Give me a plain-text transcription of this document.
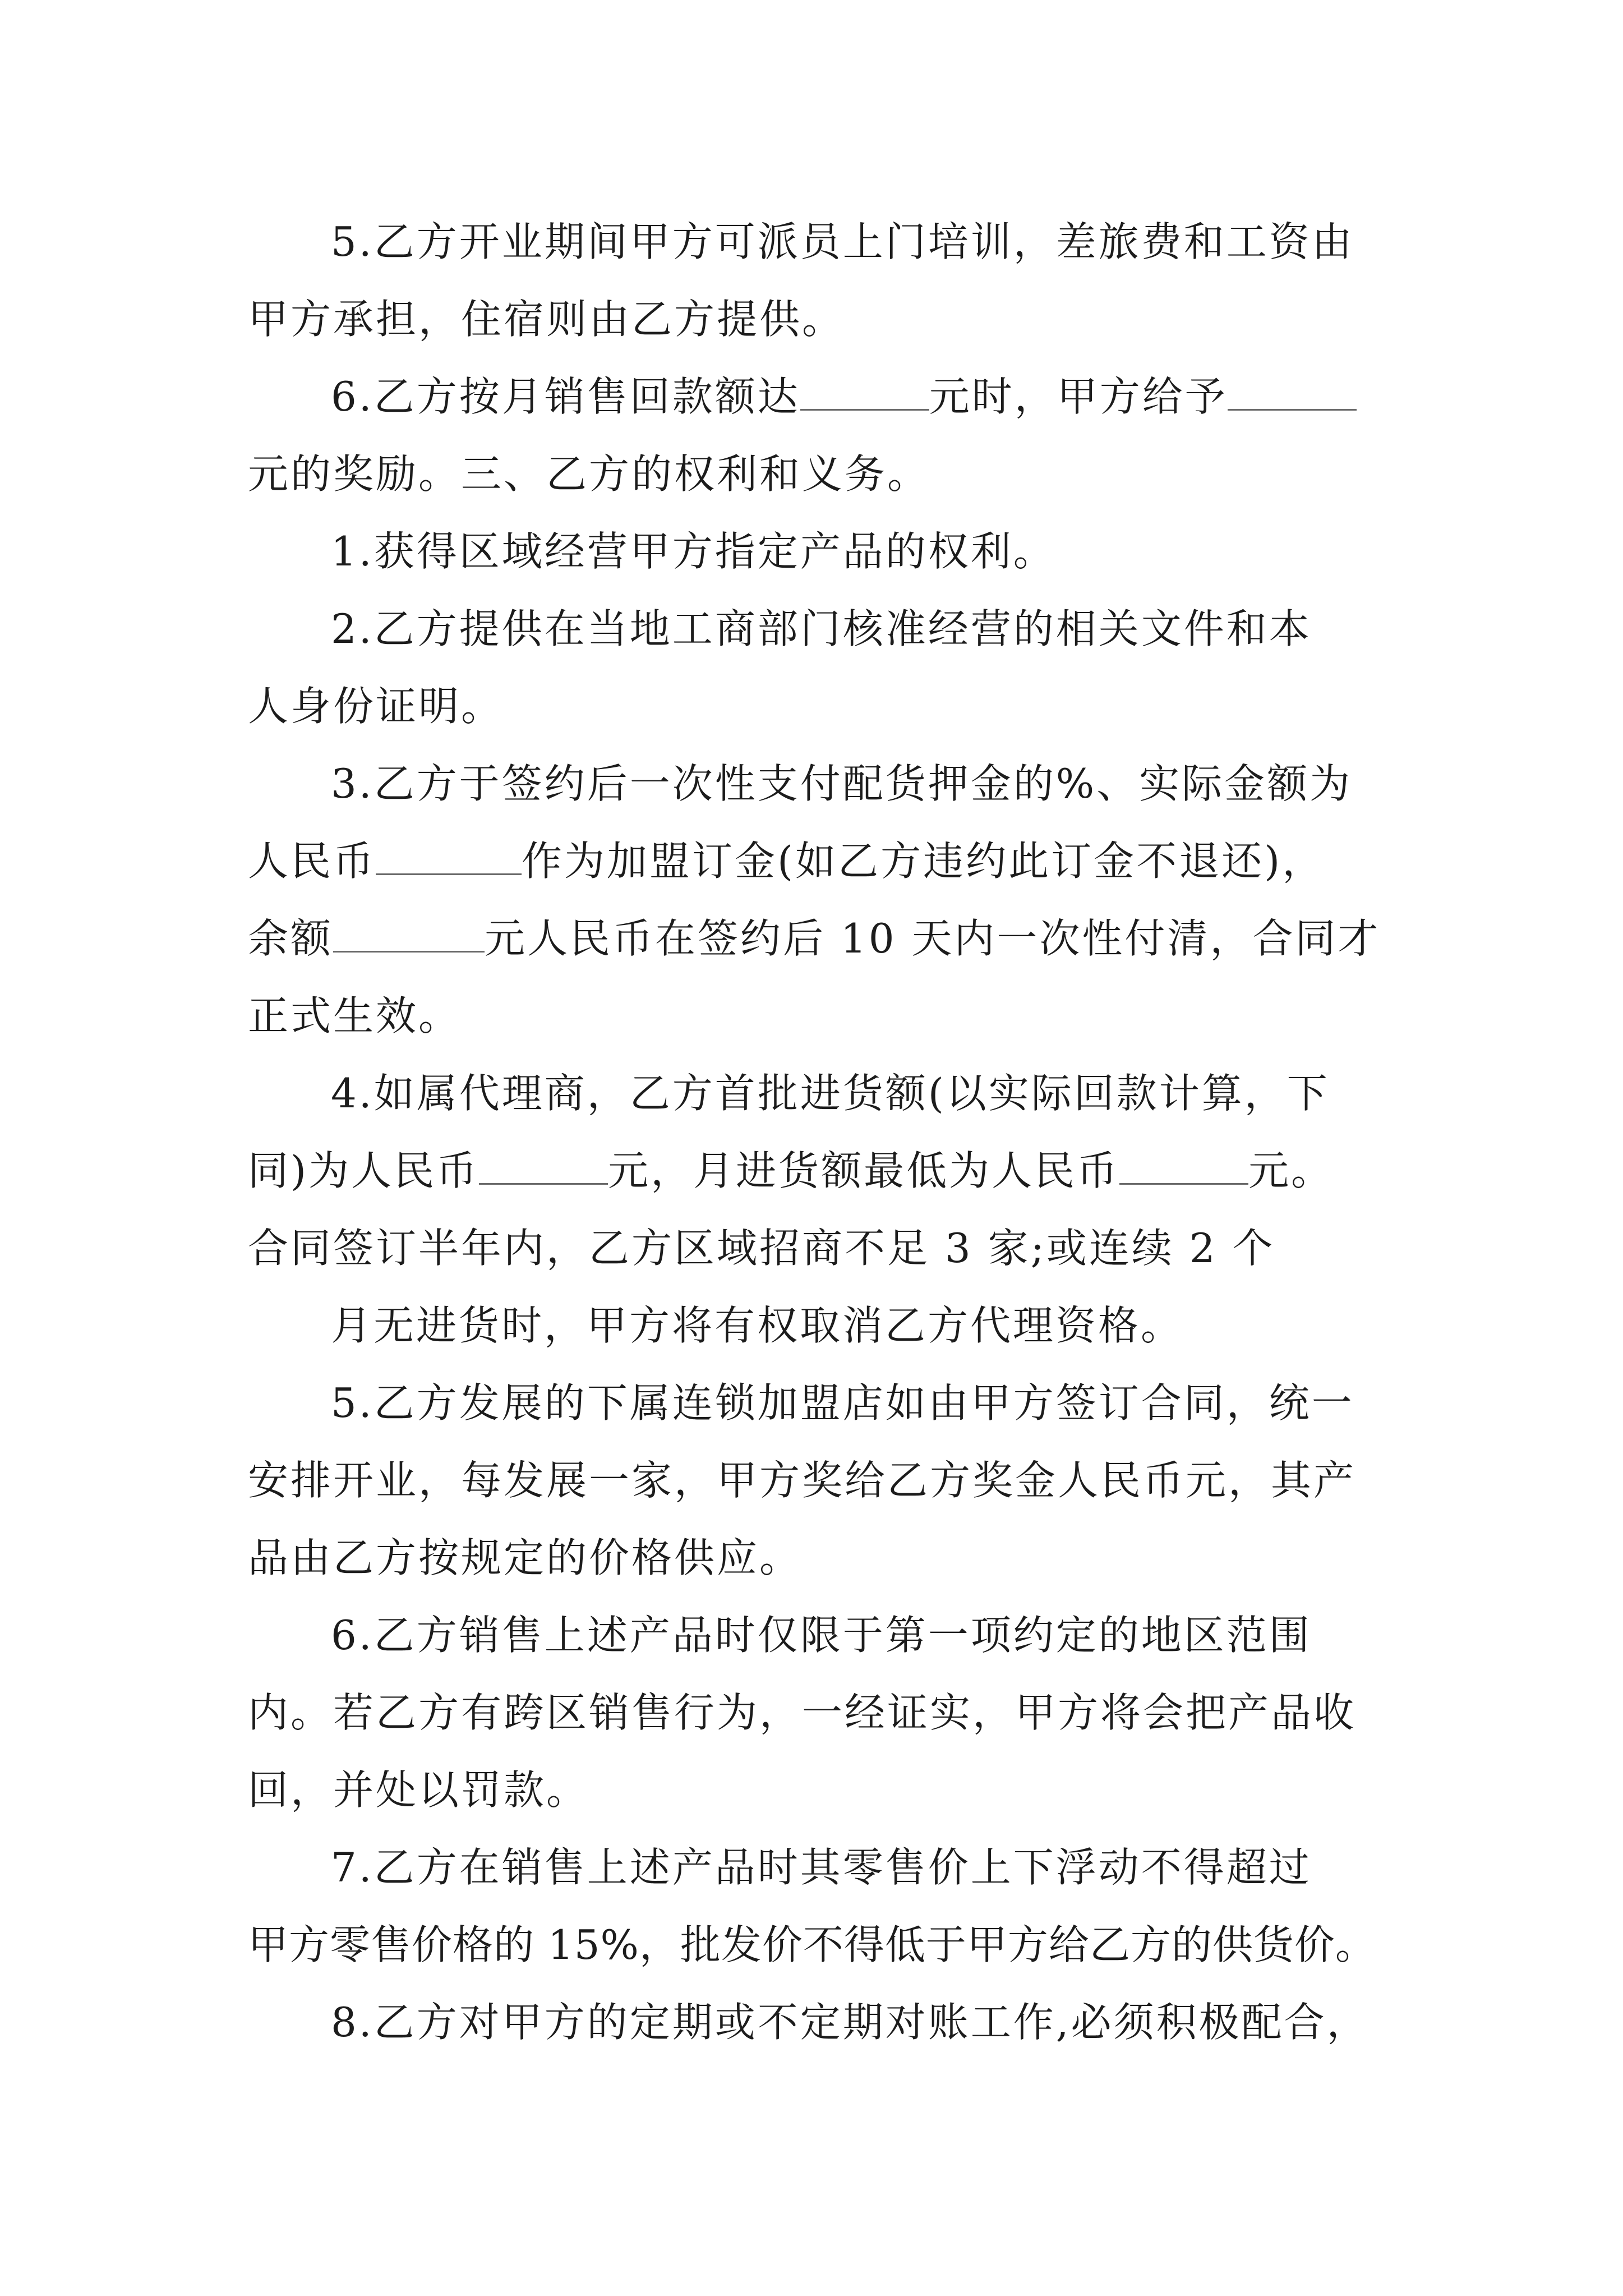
5.乙方开业期间甲方可派员上门培训，差旅费和工资由
甲方承担，住宿则由乙方提供。
6.乙方按月销售回款额达	元时，甲方给予
元的奖励。三、乙方的权利和义务。
1.获得区域经营甲方指定产品的权利。
2.乙方提供在当地工商部门核准经营的相关文件和本
人身份证明。
3.乙方于签约后一次性支付配货押金的%、实际金额为
人民币	作为加盟订金(如乙方违约此订金不退还)，
余额	元人民币在签约后 10 天内一次性付清，合同才
正式生效。
4.如属代理商，乙方首批进货额(以实际回款计算，下
同)为人民币	元，月进货额最低为人民币	元。
合同签订半年内，乙方区域招商不足 3 家;或连续 2 个
月无进货时，甲方将有权取消乙方代理资格。
5.乙方发展的下属连锁加盟店如由甲方签订合同，统一
安排开业，每发展一家，甲方奖给乙方奖金人民币元，其产
品由乙方按规定的价格供应。
6.乙方销售上述产品时仅限于第一项约定的地区范围
内。若乙方有跨区销售行为，一经证实，甲方将会把产品收
回，并处以罚款。
7.乙方在销售上述产品时其零售价上下浮动不得超过
甲方零售价格的 15%，批发价不得低于甲方给乙方的供货价。
8.乙方对甲方的定期或不定期对账工作,必须积极配合，
